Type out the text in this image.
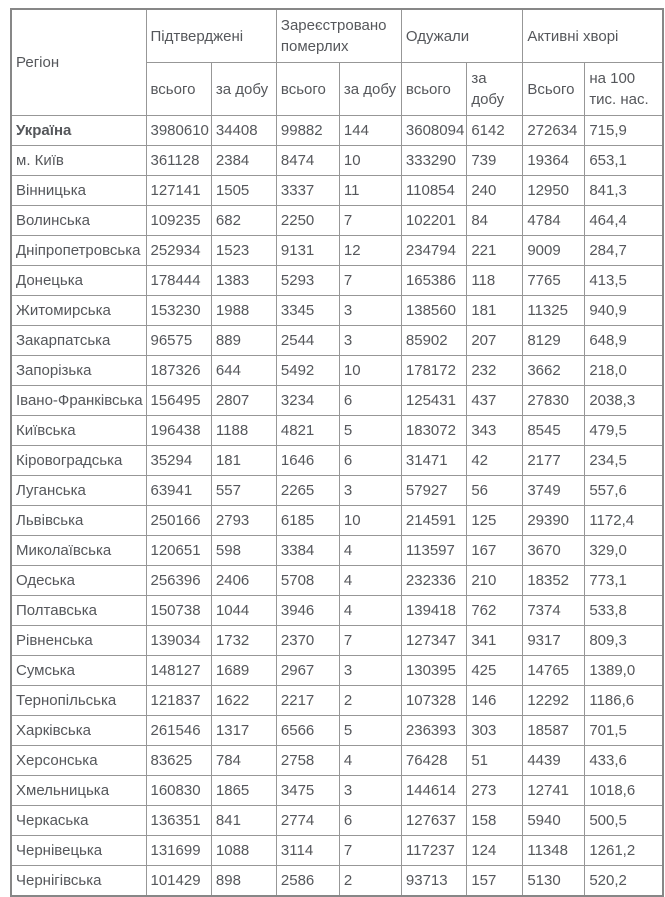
Регіон	Підтверджені		Зареєстровано померлих		Одужали		Активні хворі	
	всього	за добу	всього	за добу	всього	за добу	Всього	на 100 тис. нас.
Україна	3980610	34408	99882	144	3608094	6142	272634	715,9
м. Київ	361128	2384	8474	10	333290	739	19364	653,1
Вінницька	127141	1505	3337	11	110854	240	12950	841,3
Волинська	109235	682	2250	7	102201	84	4784	464,4
Дніпропетровська	252934	1523	9131	12	234794	221	9009	284,7
Донецька	178444	1383	5293	7	165386	118	7765	413,5
Житомирська	153230	1988	3345	3	138560	181	11325	940,9
Закарпатська	96575	889	2544	3	85902	207	8129	648,9
Запорізька	187326	644	5492	10	178172	232	3662	218,0
Івано-Франківська	156495	2807	3234	6	125431	437	27830	2038,3
Київська	196438	1188	4821	5	183072	343	8545	479,5
Кіровоградська	35294	181	1646	6	31471	42	2177	234,5
Луганська	63941	557	2265	3	57927	56	3749	557,6
Львівська	250166	2793	6185	10	214591	125	29390	1172,4
Миколаївська	120651	598	3384	4	113597	167	3670	329,0
Одеська	256396	2406	5708	4	232336	210	18352	773,1
Полтавська	150738	1044	3946	4	139418	762	7374	533,8
Рівненська	139034	1732	2370	7	127347	341	9317	809,3
Сумська	148127	1689	2967	3	130395	425	14765	1389,0
Тернопільська	121837	1622	2217	2	107328	146	12292	1186,6
Харківська	261546	1317	6566	5	236393	303	18587	701,5
Херсонська	83625	784	2758	4	76428	51	4439	433,6
Хмельницька	160830	1865	3475	3	144614	273	12741	1018,6
Черкаська	136351	841	2774	6	127637	158	5940	500,5
Чернівецька	131699	1088	3114	7	117237	124	11348	1261,2
Чернігівська	101429	898	2586	2	93713	157	5130	520,2
